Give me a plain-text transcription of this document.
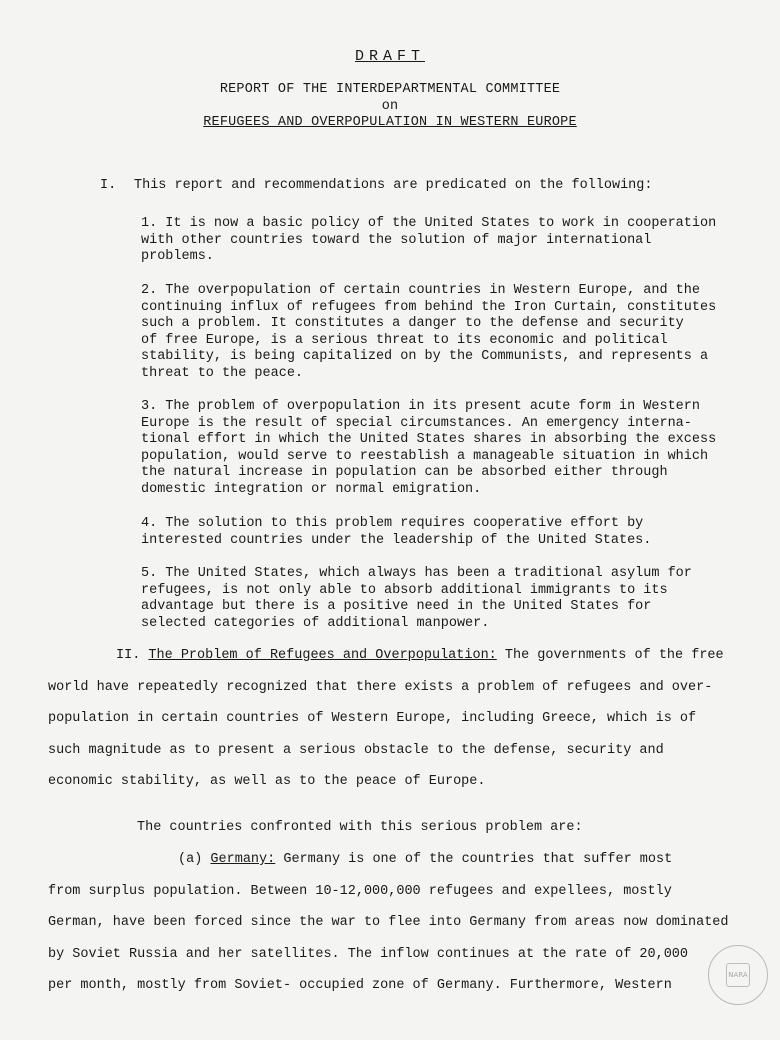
DRAFT
REPORT OF THE INTERDEPARTMENTAL COMMITTEE
on
REFUGEES AND OVERPOPULATION IN WESTERN EUROPE
I. This report and recommendations are predicated on the following:
1. It is now a basic policy of the United States to work in cooperation
with other countries toward the solution of major international
problems.
2. The overpopulation of certain countries in Western Europe, and the
continuing influx of refugees from behind the Iron Curtain, constitutes
such a problem. It constitutes a danger to the defense and security
of free Europe, is a serious threat to its economic and political
stability, is being capitalized on by the Communists, and represents a
threat to the peace.
3. The problem of overpopulation in its present acute form in Western
Europe is the result of special circumstances. An emergency interna-
tional effort in which the United States shares in absorbing the excess
population, would serve to reestablish a manageable situation in which
the natural increase in population can be absorbed either through
domestic integration or normal emigration.
4. The solution to this problem requires cooperative effort by
interested countries under the leadership of the United States.
5. The United States, which always has been a traditional asylum for
refugees, is not only able to absorb additional immigrants to its
advantage but there is a positive need in the United States for
selected categories of additional manpower.
II. The Problem of Refugees and Overpopulation: The governments of the free
world have repeatedly recognized that there exists a problem of refugees and over-
population in certain countries of Western Europe, including Greece, which is of
such magnitude as to present a serious obstacle to the defense, security and
economic stability, as well as to the peace of Europe.
The countries confronted with this serious problem are:
(a) Germany: Germany is one of the countries that suffer most
from surplus population. Between 10-12,000,000 refugees and expellees, mostly
German, have been forced since the war to flee into Germany from areas now dominated
by Soviet Russia and her satellites. The inflow continues at the rate of 20,000
per month, mostly from Soviet- occupied zone of Germany. Furthermore, Western
NARA
